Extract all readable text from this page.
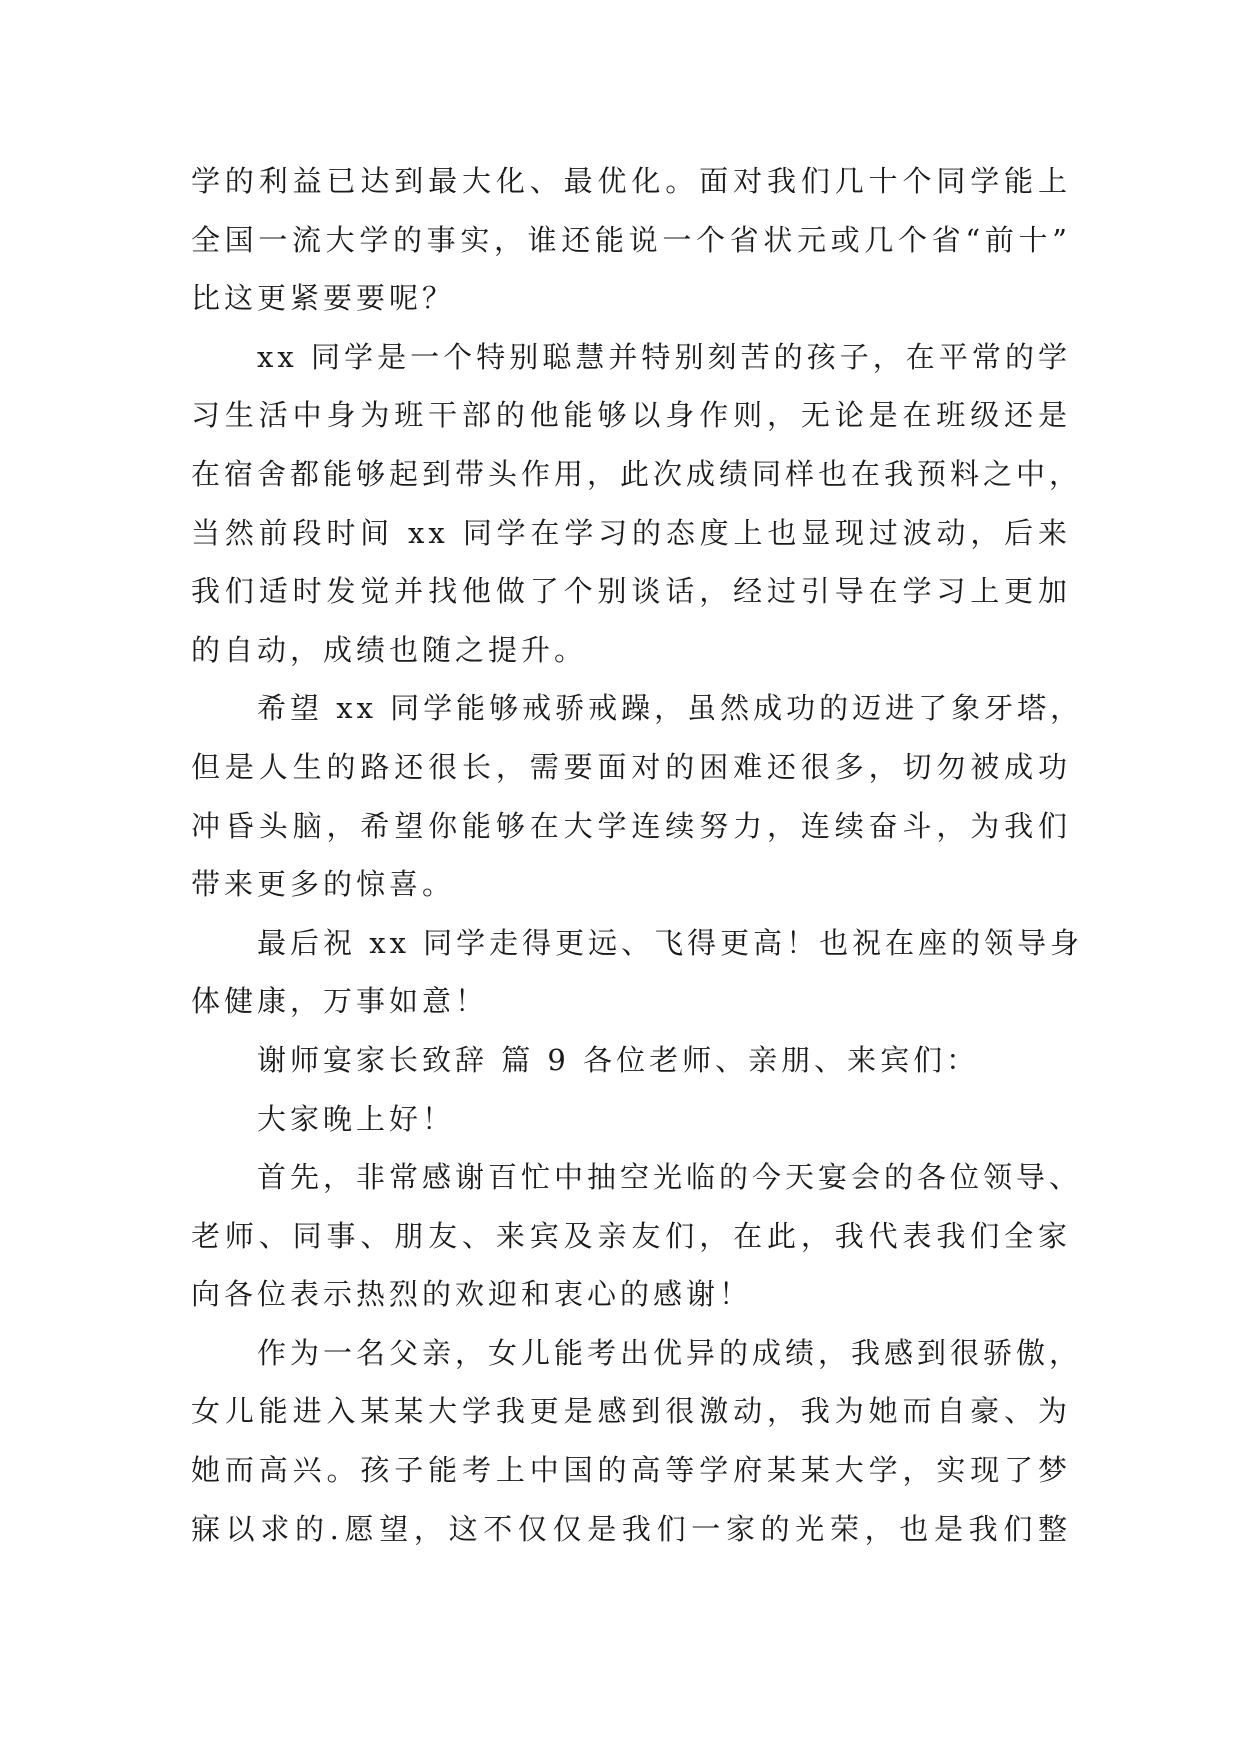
学的利益已达到最大化、最优化。面对我们几十个同学能上
全国一流大学的事实，谁还能说一个省状元或几个省“前十”
比这更紧要要呢？
xx 同学是一个特别聪慧并特别刻苦的孩子，在平常的学
习生活中身为班干部的他能够以身作则，无论是在班级还是
在宿舍都能够起到带头作用，此次成绩同样也在我预料之中，
当然前段时间 xx 同学在学习的态度上也显现过波动，后来
我们适时发觉并找他做了个别谈话，经过引导在学习上更加
的自动，成绩也随之提升。
希望 xx 同学能够戒骄戒躁，虽然成功的迈进了象牙塔，
但是人生的路还很长，需要面对的困难还很多，切勿被成功
冲昏头脑，希望你能够在大学连续努力，连续奋斗，为我们
带来更多的惊喜。
最后祝 xx 同学走得更远、飞得更高！也祝在座的领导身
体健康，万事如意！
谢师宴家长致辞 篇 9 各位老师、亲朋、来宾们：
大家晚上好！
首先，非常感谢百忙中抽空光临的今天宴会的各位领导、
老师、同事、朋友、来宾及亲友们，在此，我代表我们全家
向各位表示热烈的欢迎和衷心的感谢！
作为一名父亲，女儿能考出优异的成绩，我感到很骄傲，
女儿能进入某某大学我更是感到很激动，我为她而自豪、为
她而高兴。孩子能考上中国的高等学府某某大学，实现了梦
寐以求的.愿望，这不仅仅是我们一家的光荣，也是我们整
